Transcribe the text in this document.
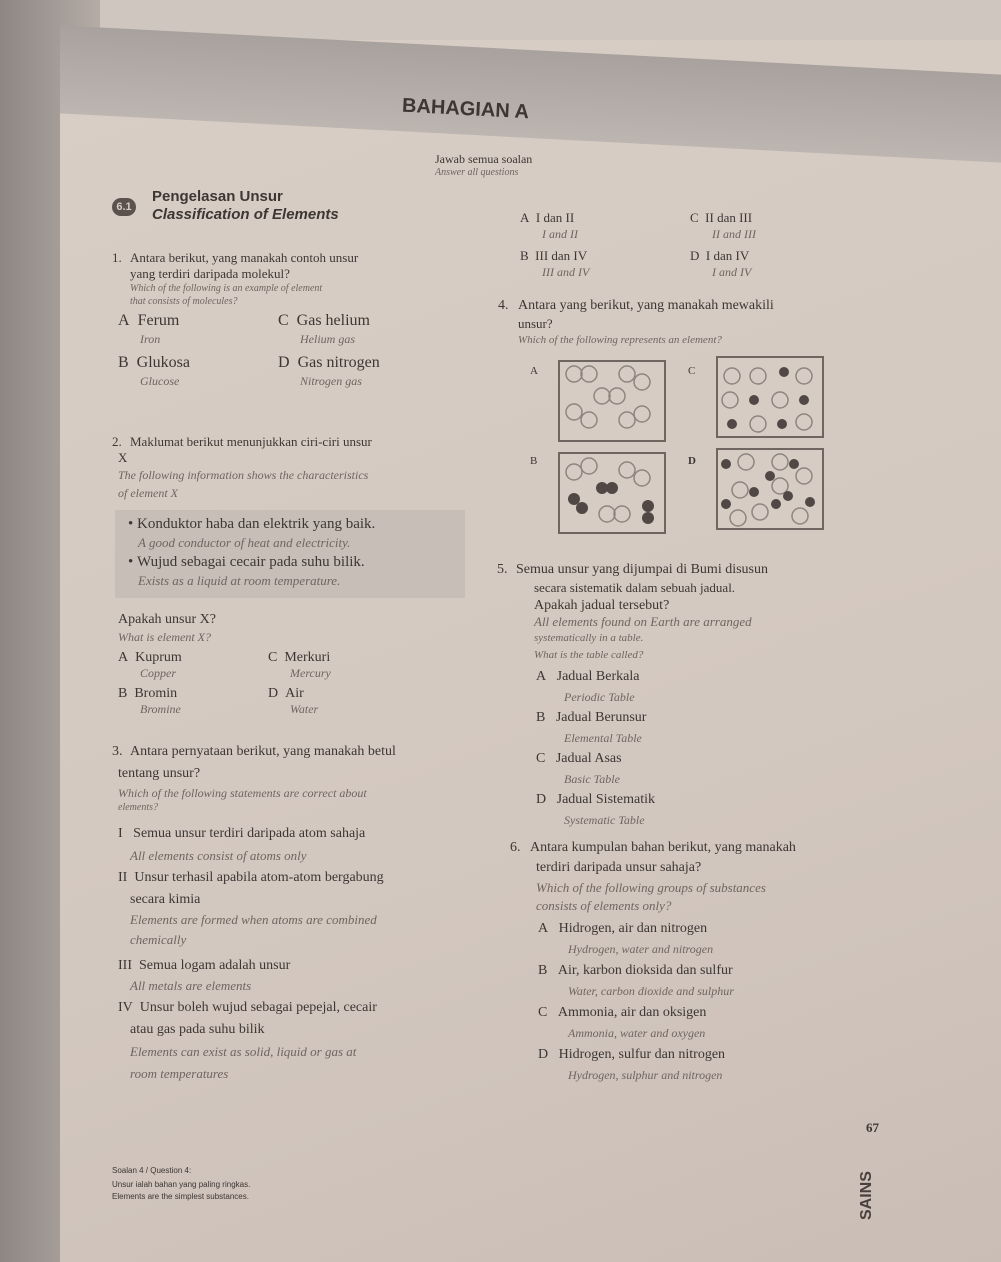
BAHAGIAN A
Jawab semua soalan
Answer all questions
6.1
Pengelasan Unsur
Classification of Elements
1. Antara berikut, yang manakah contoh unsur
yang terdiri daripada molekul?
Which of the following is an example of element
that consists of molecules?
A Ferum
Iron
C Gas helium
Helium gas
B Glukosa
Glucose
D Gas nitrogen
Nitrogen gas
2. Maklumat berikut menunjukkan ciri-ciri unsur
X
The following information shows the characteristics
of element X
• Konduktor haba dan elektrik yang baik.
A good conductor of heat and electricity.
• Wujud sebagai cecair pada suhu bilik.
Exists as a liquid at room temperature.
Apakah unsur X?
What is element X?
A Kuprum
Copper
C Merkuri
Mercury
B Bromin
Bromine
D Air
Water
3. Antara pernyataan berikut, yang manakah betul
tentang unsur?
Which of the following statements are correct about
elements?
I Semua unsur terdiri daripada atom sahaja
All elements consist of atoms only
II Unsur terhasil apabila atom-atom bergabung
secara kimia
Elements are formed when atoms are combined
chemically
III Semua logam adalah unsur
All metals are elements
IV Unsur boleh wujud sebagai pepejal, cecair
atau gas pada suhu bilik
Elements can exist as solid, liquid or gas at
room temperatures
A I dan II
I and II
C II dan III
II and III
B III dan IV
III and IV
D I dan IV
I and IV
4. Antara yang berikut, yang manakah mewakili
unsur?
Which of the following represents an element?
A
B
C
D
5. Semua unsur yang dijumpai di Bumi disusun
secara sistematik dalam sebuah jadual.
Apakah jadual tersebut?
All elements found on Earth are arranged
systematically in a table.
What is the table called?
A Jadual Berkala
Periodic Table
B Jadual Berunsur
Elemental Table
C Jadual Asas
Basic Table
D Jadual Sistematik
Systematic Table
6. Antara kumpulan bahan berikut, yang manakah
terdiri daripada unsur sahaja?
Which of the following groups of substances
consists of elements only?
A Hidrogen, air dan nitrogen
Hydrogen, water and nitrogen
B Air, karbon dioksida dan sulfur
Water, carbon dioxide and sulphur
C Ammonia, air dan oksigen
Ammonia, water and oxygen
D Hidrogen, sulfur dan nitrogen
Hydrogen, sulphur and nitrogen
67
SAINS
Soalan 4 / Question 4:
Unsur ialah bahan yang paling ringkas.
Elements are the simplest substances.
